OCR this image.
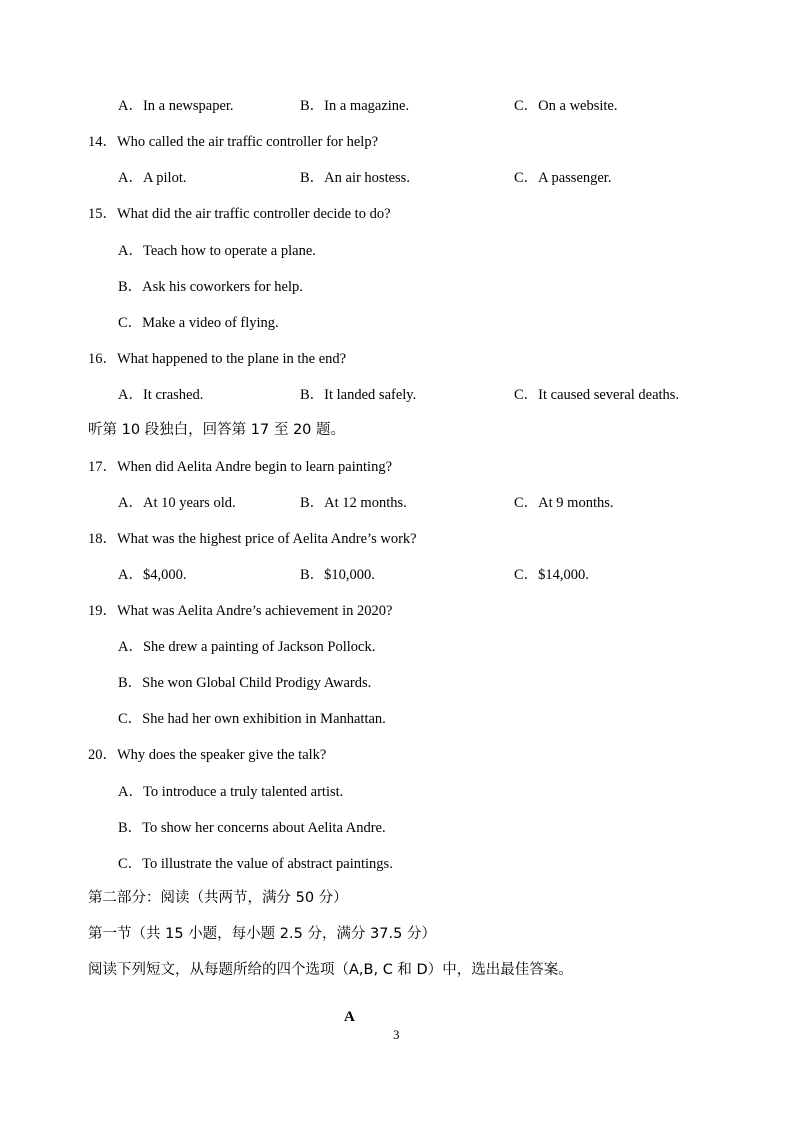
A．In a newspaper.	B．In a magazine.	C．On a website.
14．Who called the air traffic controller for help?
A．A pilot.	B．An air hostess.	C．A passenger.
15．What did the air traffic controller decide to do?
A．Teach how to operate a plane.
B．Ask his coworkers for help.
C．Make a video of flying.
16．What happened to the plane in the end?
A．It crashed.	B．It landed safely.	C．It caused several deaths.
听第 10 段独白，回答第 17 至 20 题。
17．When did Aelita Andre begin to learn painting?
A．At 10 years old.	B．At 12 months.	C．At 9 months.
18．What was the highest price of Aelita Andre’s work?
A．$4,000.	B．$10,000.	C．$14,000.
19．What was Aelita Andre’s achievement in 2020?
A．She drew a painting of Jackson Pollock.
B．She won Global Child Prodigy Awards.
C．She had her own exhibition in Manhattan.
20．Why does the speaker give the talk?
A．To introduce a truly talented artist.
B．To show her concerns about Aelita Andre.
C．To illustrate the value of abstract paintings.
第二部分：阅读（共两节，满分 50 分）
第一节（共 15 小题，每小题 2.5 分，满分 37.5 分）
阅读下列短文，从每题所给的四个选项（A,B, C 和 D）中，选出最佳答案。
A
3
